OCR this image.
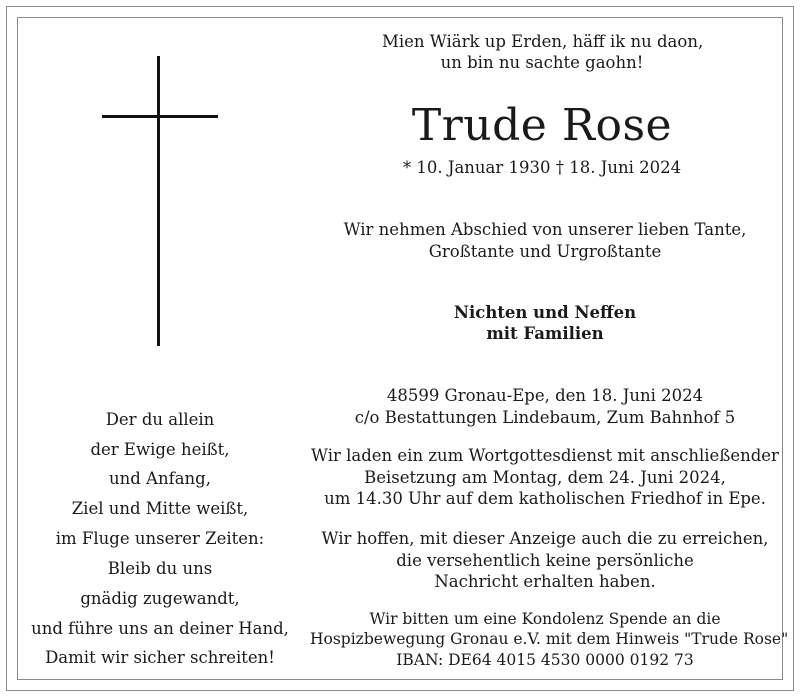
Mien Wiärk up Erden, häff ik nu daon,
un bin nu sachte gaohn!
Trude Rose
* 10. Januar 1930 † 18. Juni 2024
Wir nehmen Abschied von unserer lieben Tante,
Großtante und Urgroßtante
Nichten und Neffen
mit Familien
48599 Gronau-Epe, den 18. Juni 2024
c/o Bestattungen Lindebaum, Zum Bahnhof 5
Wir laden ein zum Wortgottesdienst mit anschließender
Beisetzung am Montag, dem 24. Juni 2024,
um 14.30 Uhr auf dem katholischen Friedhof in Epe.
Wir hoffen, mit dieser Anzeige auch die zu erreichen,
die versehentlich keine persönliche
Nachricht erhalten haben.
Wir bitten um eine Kondolenz Spende an die
Hospizbewegung Gronau e.V. mit dem Hinweis "Trude Rose"
IBAN: DE64 4015 4530 0000 0192 73
Der du allein
der Ewige heißt,
und Anfang,
Ziel und Mitte weißt,
im Fluge unserer Zeiten:
Bleib du uns
gnädig zugewandt,
und führe uns an deiner Hand,
Damit wir sicher schreiten!
